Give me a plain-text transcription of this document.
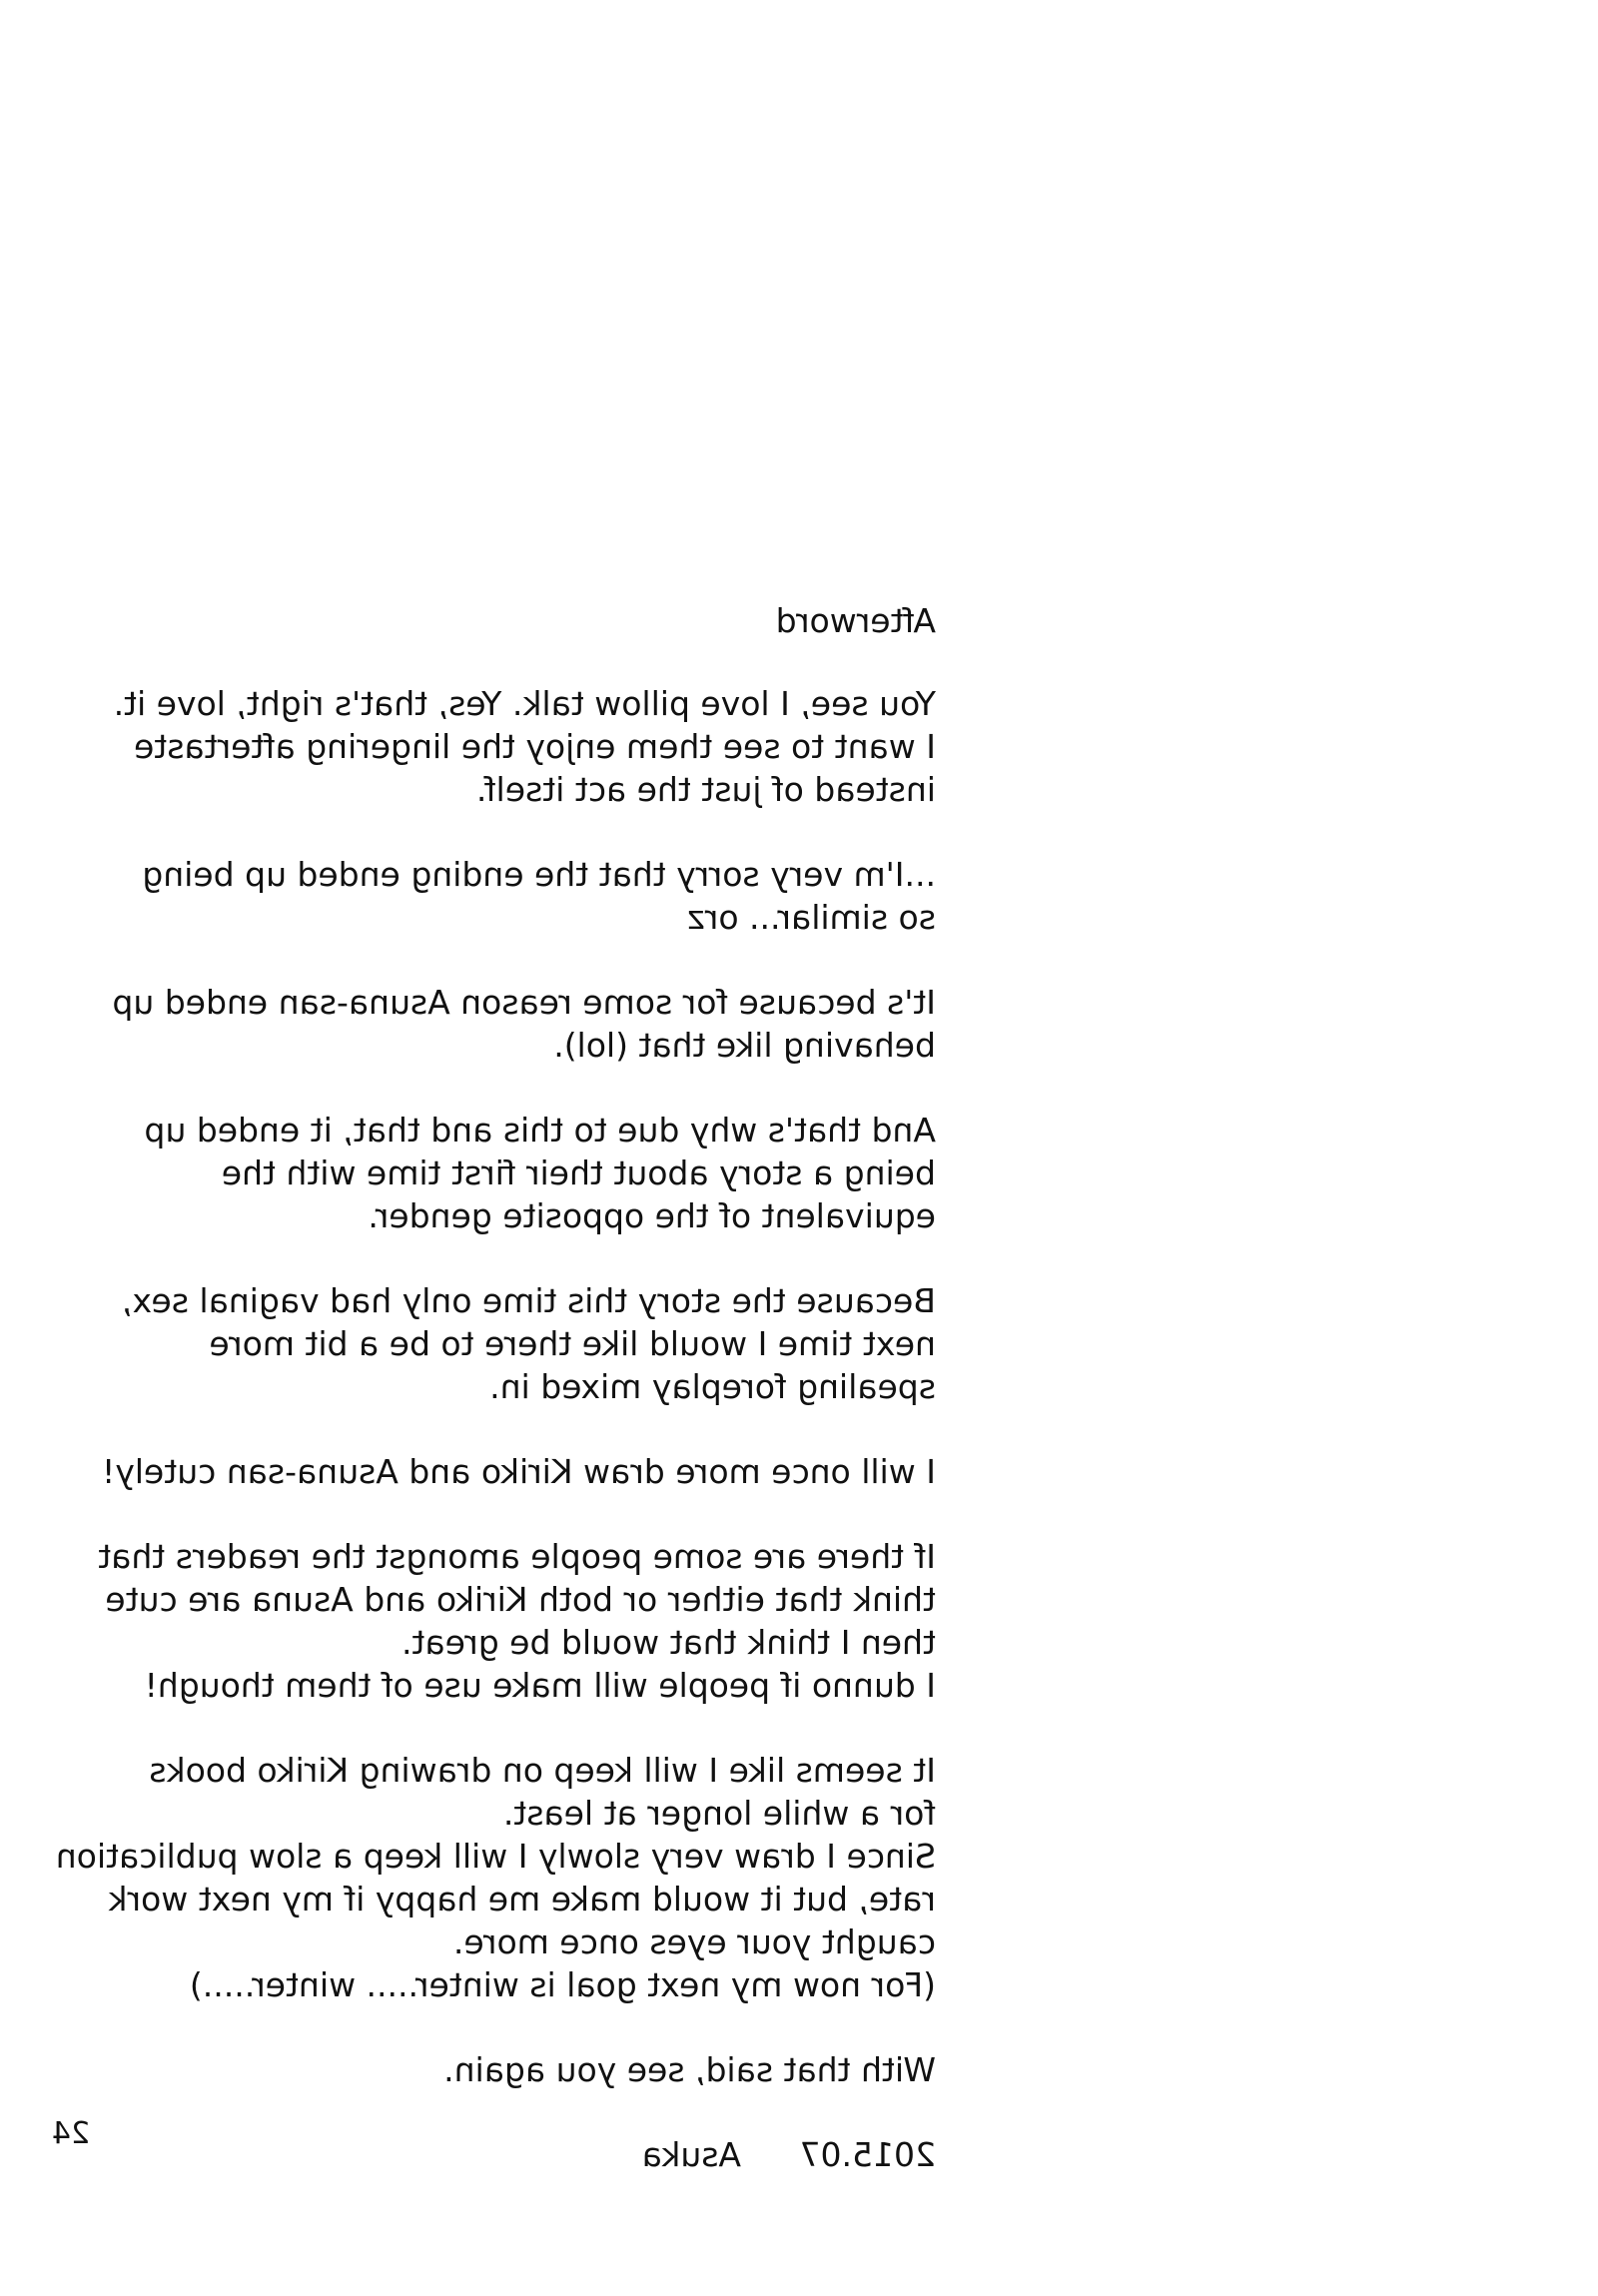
Afterword
You see, I love pillow talk. Yes, that's right, love it.
I want to see them enjoy the lingering aftertaste
instead of just the act itself.
...I'm very sorry that the ending ended up being
so similar... orz
It's because for some reason Asuna-san ended up
behaving like that (lol).
And that's why due to this and that, it ended up
being a story about their first time with the
equivalent of the opposite gender.
Because the story this time only had vaginal sex,
next time I would like there to be a bit more
spealing foreplay mixed in.
I will once more draw Kiriko and Asuna-san cutely!
If there are some people amongst the readers that
think that either or both Kiriko and Asuna are cute
then I think that would be great.
I dunno if people will make use of them though!
It seems like I will keep on drawing Kiriko books
for a while longer at least.
Since I draw very slowly I will keep a slow publication
rate, but it would make me happy if my next work
caught your eyes once more.
(For now my next goal is winter..... winter.....)
With that said, see you again.
2015.07 Asuka
24
